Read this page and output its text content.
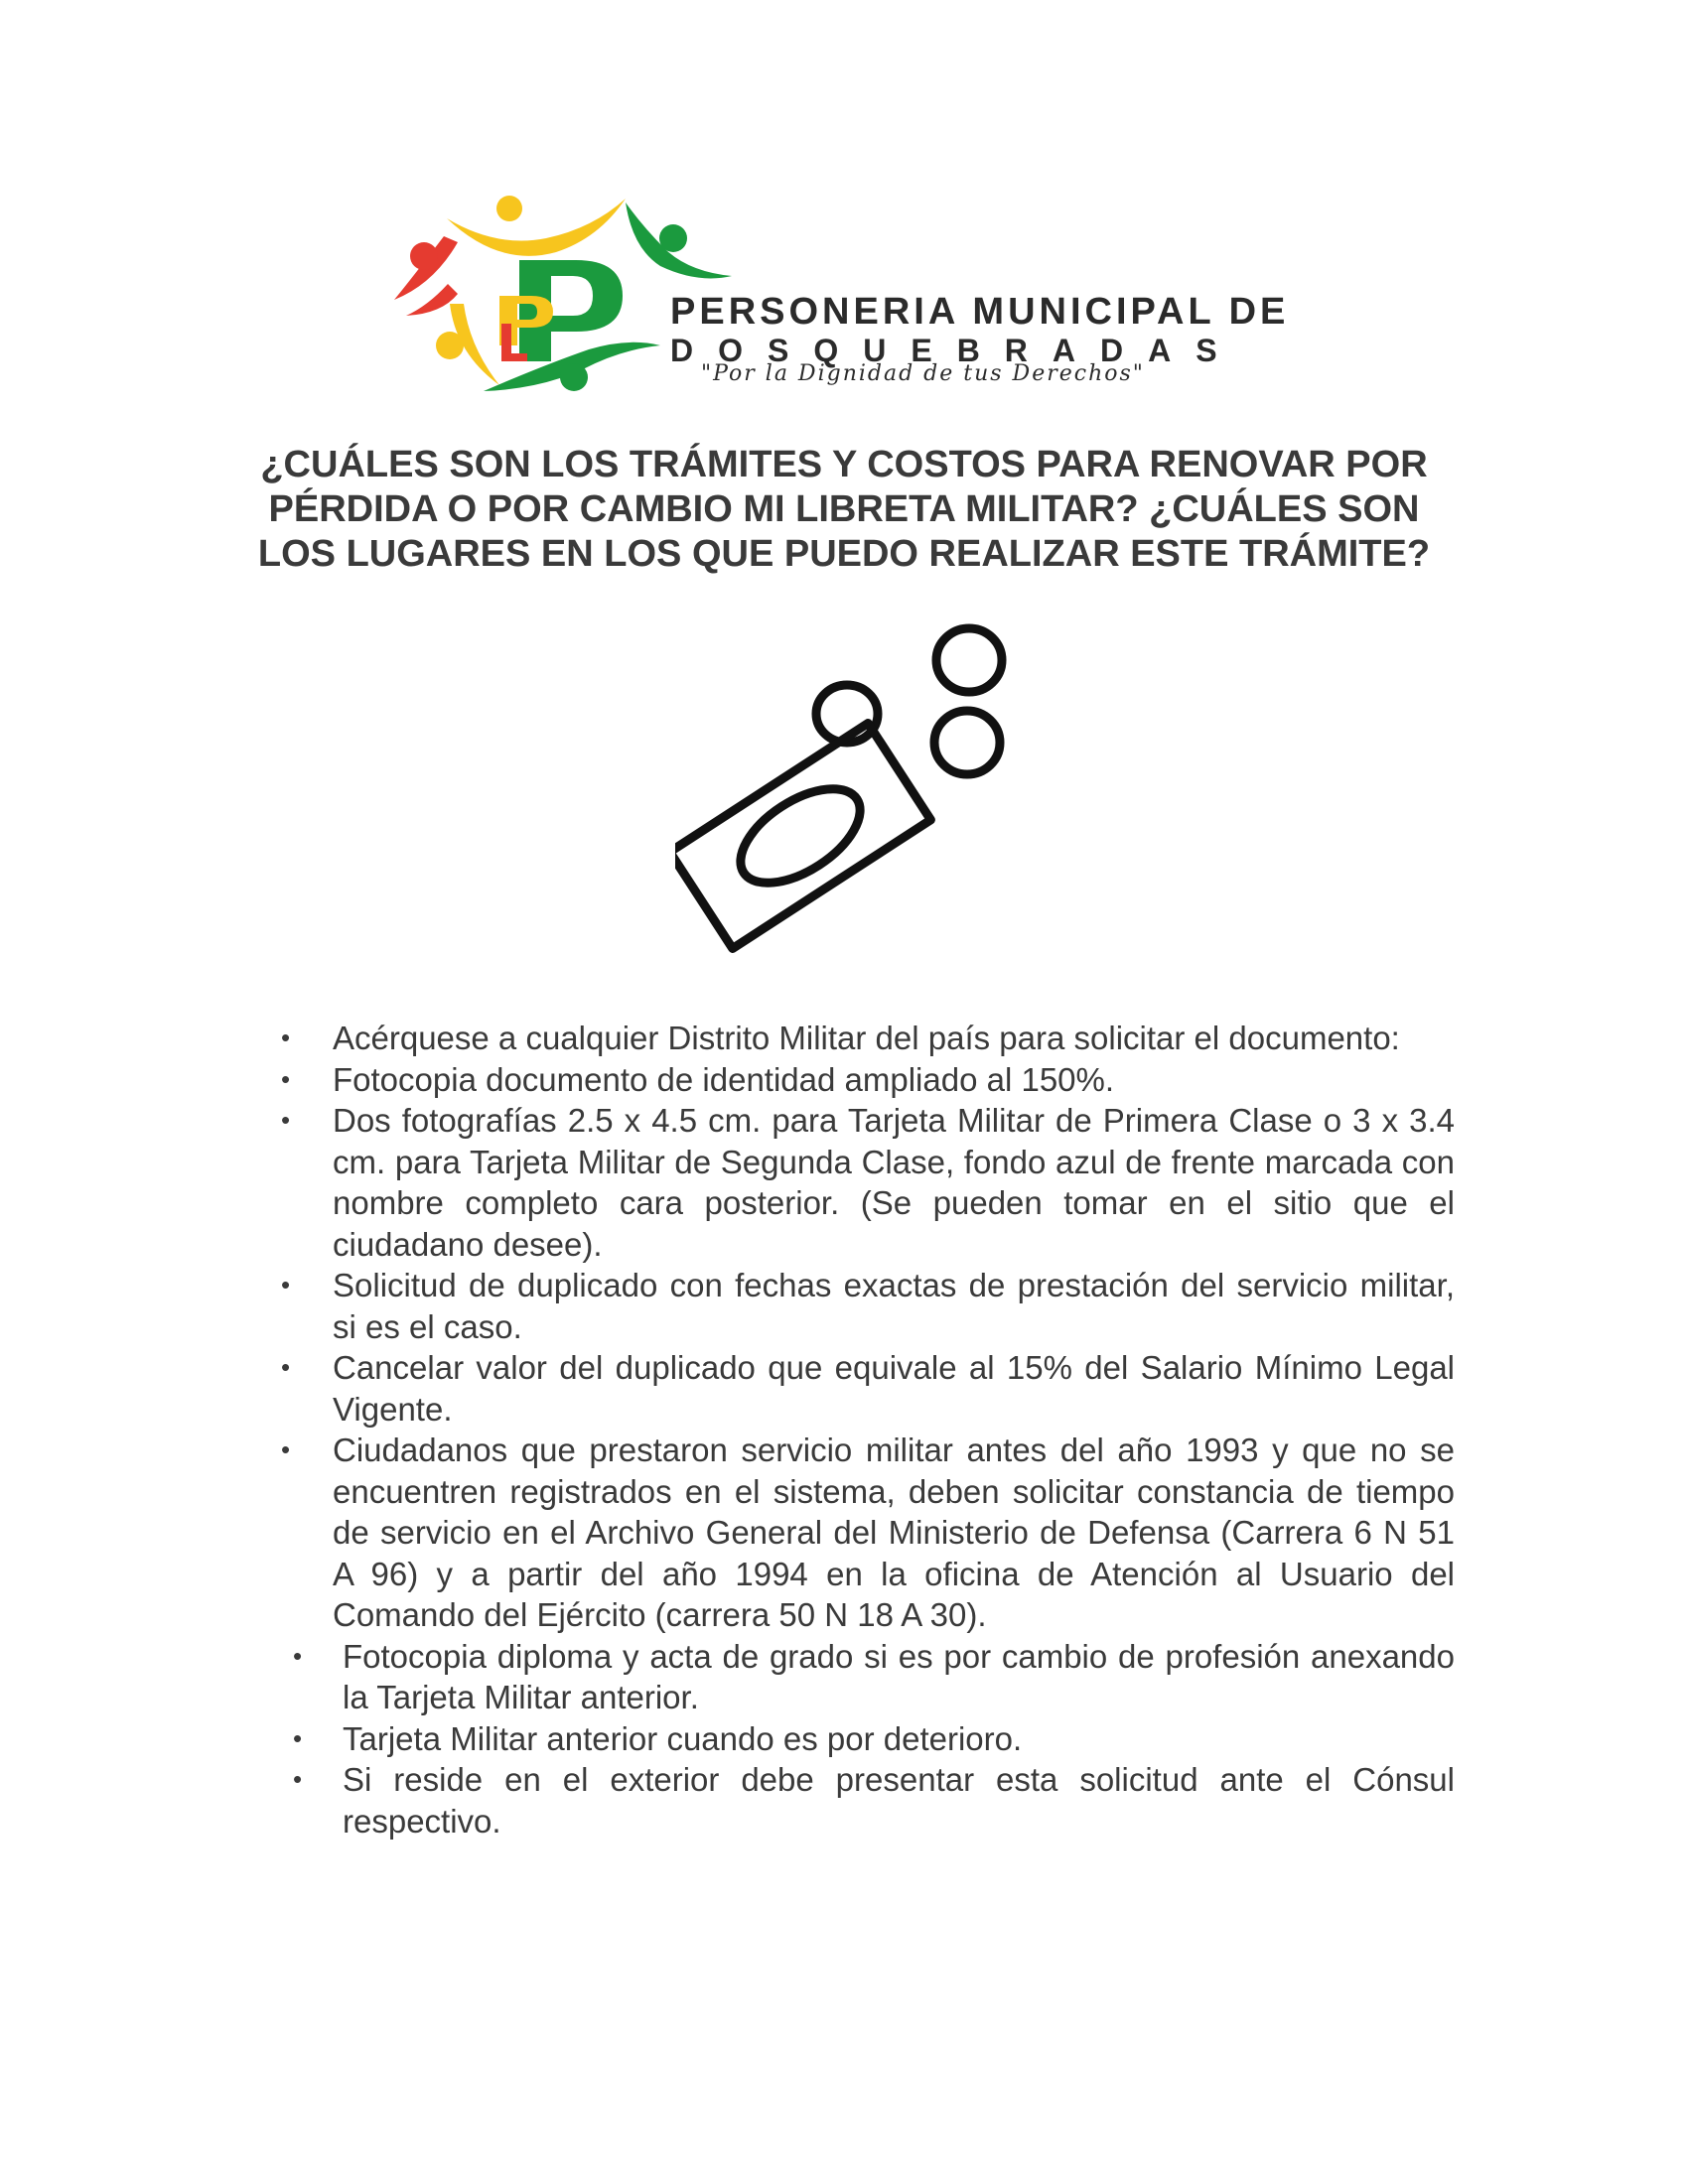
PERSONERIA MUNICIPAL DE
DOSQUEBRADAS
"Por la Dignidad de tus Derechos"
¿CUÁLES SON LOS TRÁMITES Y COSTOS PARA RENOVAR POR PÉRDIDA O POR CAMBIO MI LIBRETA MILITAR? ¿CUÁLES SON LOS LUGARES EN LOS QUE PUEDO REALIZAR ESTE TRÁMITE?
• Acérquese a cualquier Distrito Militar del país para solicitar el documento:
• Fotocopia documento de identidad ampliado al 150%.
• Dos fotografías 2.5 x 4.5 cm. para Tarjeta Militar de Primera Clase o 3 x 3.4 cm. para Tarjeta Militar de Segunda Clase, fondo azul de frente marcada con nombre completo cara posterior. (Se pueden tomar en el sitio que el ciudadano desee).
• Solicitud de duplicado con fechas exactas de prestación del servicio militar, si es el caso.
• Cancelar valor del duplicado que equivale al 15% del Salario Mínimo Legal Vigente.
• Ciudadanos que prestaron servicio militar antes del año 1993 y que no se encuentren registrados en el sistema, deben solicitar constancia de tiempo de servicio en el Archivo General del Ministerio de Defensa (Carrera 6 N 51 A 96) y a partir del año 1994 en la oficina de Atención al Usuario del Comando del Ejército (carrera 50 N 18 A 30).
• Fotocopia diploma y acta de grado si es por cambio de profesión anexando la Tarjeta Militar anterior.
• Tarjeta Militar anterior cuando es por deterioro.
• Si reside en el exterior debe presentar esta solicitud ante el Cónsul respectivo.
